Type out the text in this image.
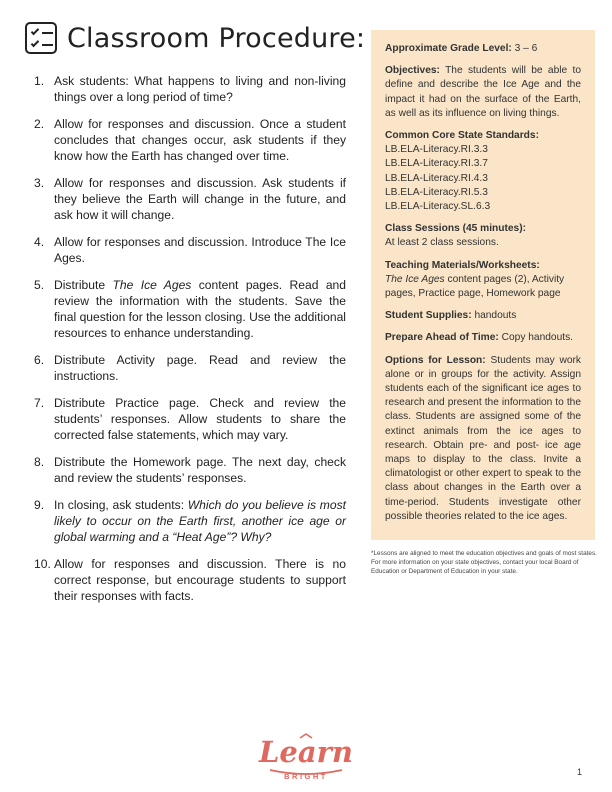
Classroom Procedure:
1. Ask students: What happens to living and non-living things over a long period of time?
2. Allow for responses and discussion. Once a student concludes that changes occur, ask students if they know how the Earth has changed over time.
3. Allow for responses and discussion. Ask students if they believe the Earth will change in the future, and ask how it will change.
4. Allow for responses and discussion. Introduce The Ice Ages.
5. Distribute The Ice Ages content pages. Read and review the information with the students. Save the final question for the lesson closing. Use the additional resources to enhance understanding.
6. Distribute Activity page. Read and review the instructions.
7. Distribute Practice page. Check and review the students’ responses. Allow students to share the corrected false statements, which may vary.
8. Distribute the Homework page. The next day, check and review the students’ responses.
9. In closing, ask students: Which do you believe is most likely to occur on the Earth first, another ice age or global warming and a “Heat Age”? Why?
10. Allow for responses and discussion. There is no correct response, but encourage students to support their responses with facts.
Approximate Grade Level: 3 – 6
Objectives: The students will be able to define and describe the Ice Age and the impact it had on the surface of the Earth, as well as its influence on living things.
Common Core State Standards:
LB.ELA-Literacy.RI.3.3
LB.ELA-Literacy.RI.3.7
LB.ELA-Literacy.RI.4.3
LB.ELA-Literacy.RI.5.3
LB.ELA-Literacy.SL.6.3
Class Sessions (45 minutes):
At least 2 class sessions.
Teaching Materials/Worksheets:
The Ice Ages content pages (2), Activity pages, Practice page, Homework page
Student Supplies: handouts
Prepare Ahead of Time: Copy handouts.
Options for Lesson: Students may work alone or in groups for the activity. Assign students each of the significant ice ages to research and present the information to the class. Students are assigned some of the extinct animals from the ice ages to research. Obtain pre- and post- ice age maps to display to the class. Invite a climatologist or other expert to speak to the class about changes in the Earth over a time-period. Students investigate other possible theories related to the ice ages.

*Lessons are aligned to meet the education objectives and goals of most states. For more information on your state objectives, contact your local Board of Education or Department of Education in your state.

Learn
BRIGHT	1
